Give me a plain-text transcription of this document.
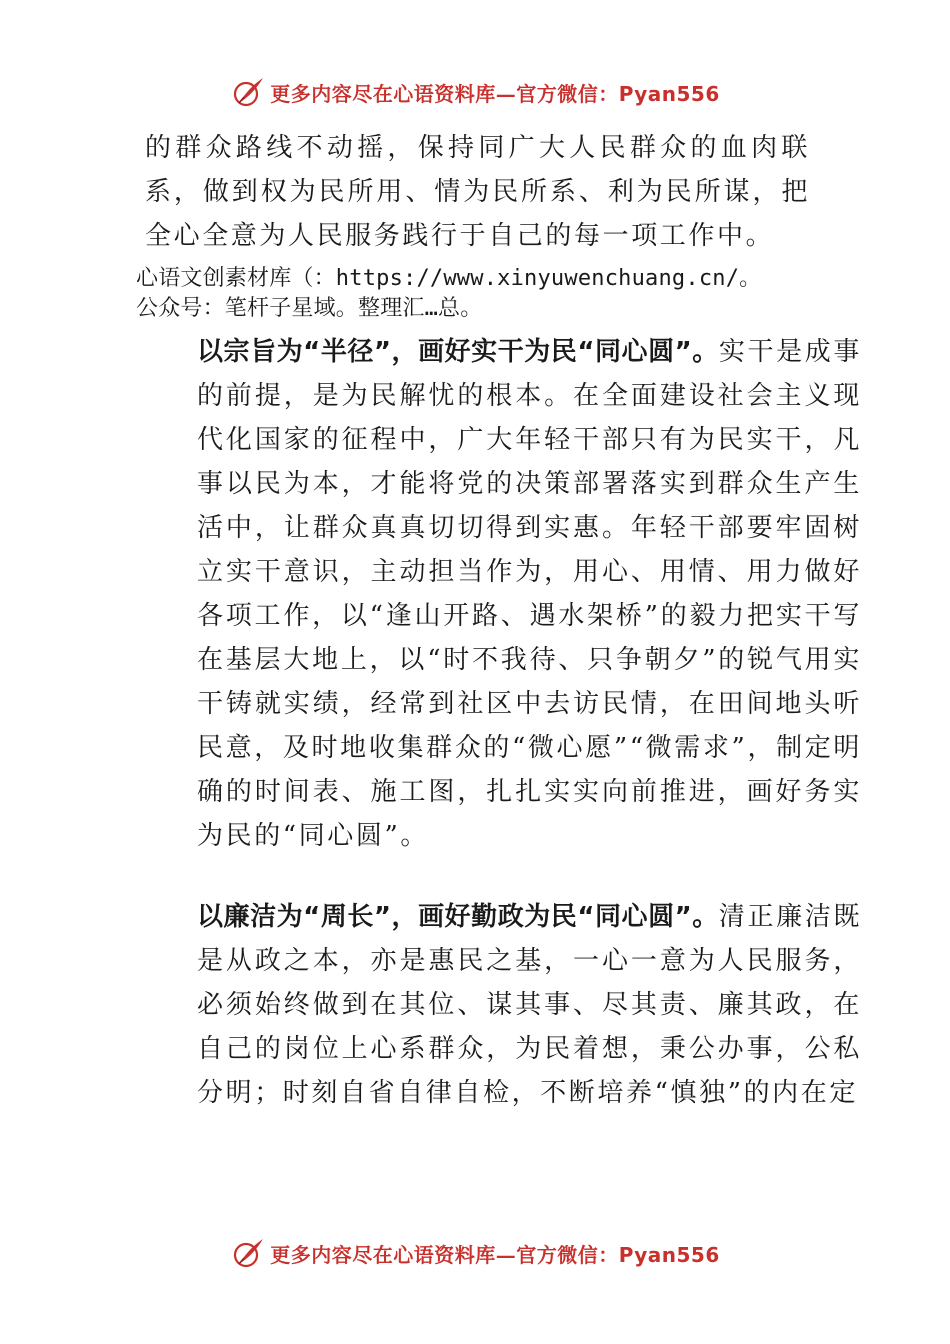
更多内容尽在心语资料库—官方微信：Pyan556

的群众路线不动摇，保持同广大人民群众的血肉联系，做到权为民所用、情为民所系、利为民所谋，把全心全意为人民服务践行于自己的每一项工作中。

心语文创素材库（：https://www.xinyuwenchuang.cn/。

公众号：笔杆子星域。整理汇…总。

以宗旨为“半径”，画好实干为民“同心圆”。实干是成事的前提，是为民解忧的根本。在全面建设社会主义现代化国家的征程中，广大年轻干部只有为民实干，凡事以民为本，才能将党的决策部署落实到群众生产生活中，让群众真真切切得到实惠。年轻干部要牢固树立实干意识，主动担当作为，用心、用情、用力做好各项工作，以“逢山开路、遇水架桥”的毅力把实干写在基层大地上，以“时不我待、只争朝夕”的锐气用实干铸就实绩，经常到社区中去访民情，在田间地头听民意，及时地收集群众的“微心愿”“微需求”，制定明确的时间表、施工图，扎扎实实向前推进，画好务实为民的“同心圆”。

以廉洁为“周长”，画好勤政为民“同心圆”。清正廉洁既是从政之本，亦是惠民之基，一心一意为人民服务，必须始终做到在其位、谋其事、尽其责、廉其政，在自己的岗位上心系群众，为民着想，秉公办事，公私分明；时刻自省自律自检，不断培养“慎独”的内在定

更多内容尽在心语资料库—官方微信：Pyan556
